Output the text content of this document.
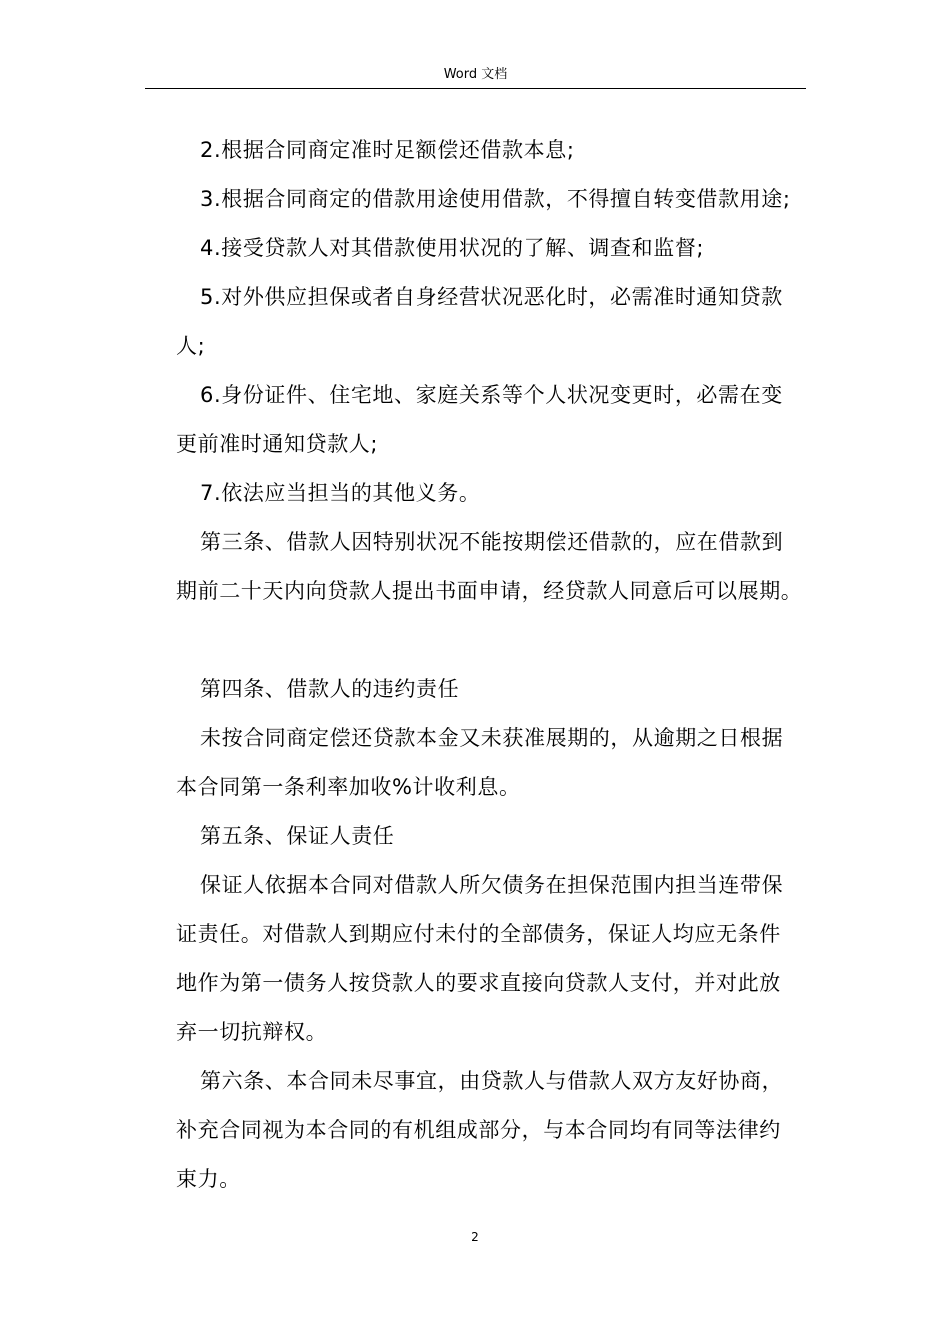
Word 文档
2.根据合同商定准时足额偿还借款本息;
3.根据合同商定的借款用途使用借款，不得擅自转变借款用途;
4.接受贷款人对其借款使用状况的了解、调查和监督;
5.对外供应担保或者自身经营状况恶化时，必需准时通知贷款
人;
6.身份证件、住宅地、家庭关系等个人状况变更时，必需在变
更前准时通知贷款人;
7.依法应当担当的其他义务。
第三条、借款人因特别状况不能按期偿还借款的，应在借款到
期前二十天内向贷款人提出书面申请，经贷款人同意后可以展期。
第四条、借款人的违约责任
未按合同商定偿还贷款本金又未获准展期的，从逾期之日根据
本合同第一条利率加收%计收利息。
第五条、保证人责任
保证人依据本合同对借款人所欠债务在担保范围内担当连带保
证责任。对借款人到期应付未付的全部债务，保证人均应无条件
地作为第一债务人按贷款人的要求直接向贷款人支付，并对此放
弃一切抗辩权。
第六条、本合同未尽事宜，由贷款人与借款人双方友好协商，
补充合同视为本合同的有机组成部分，与本合同均有同等法律约
束力。
2
